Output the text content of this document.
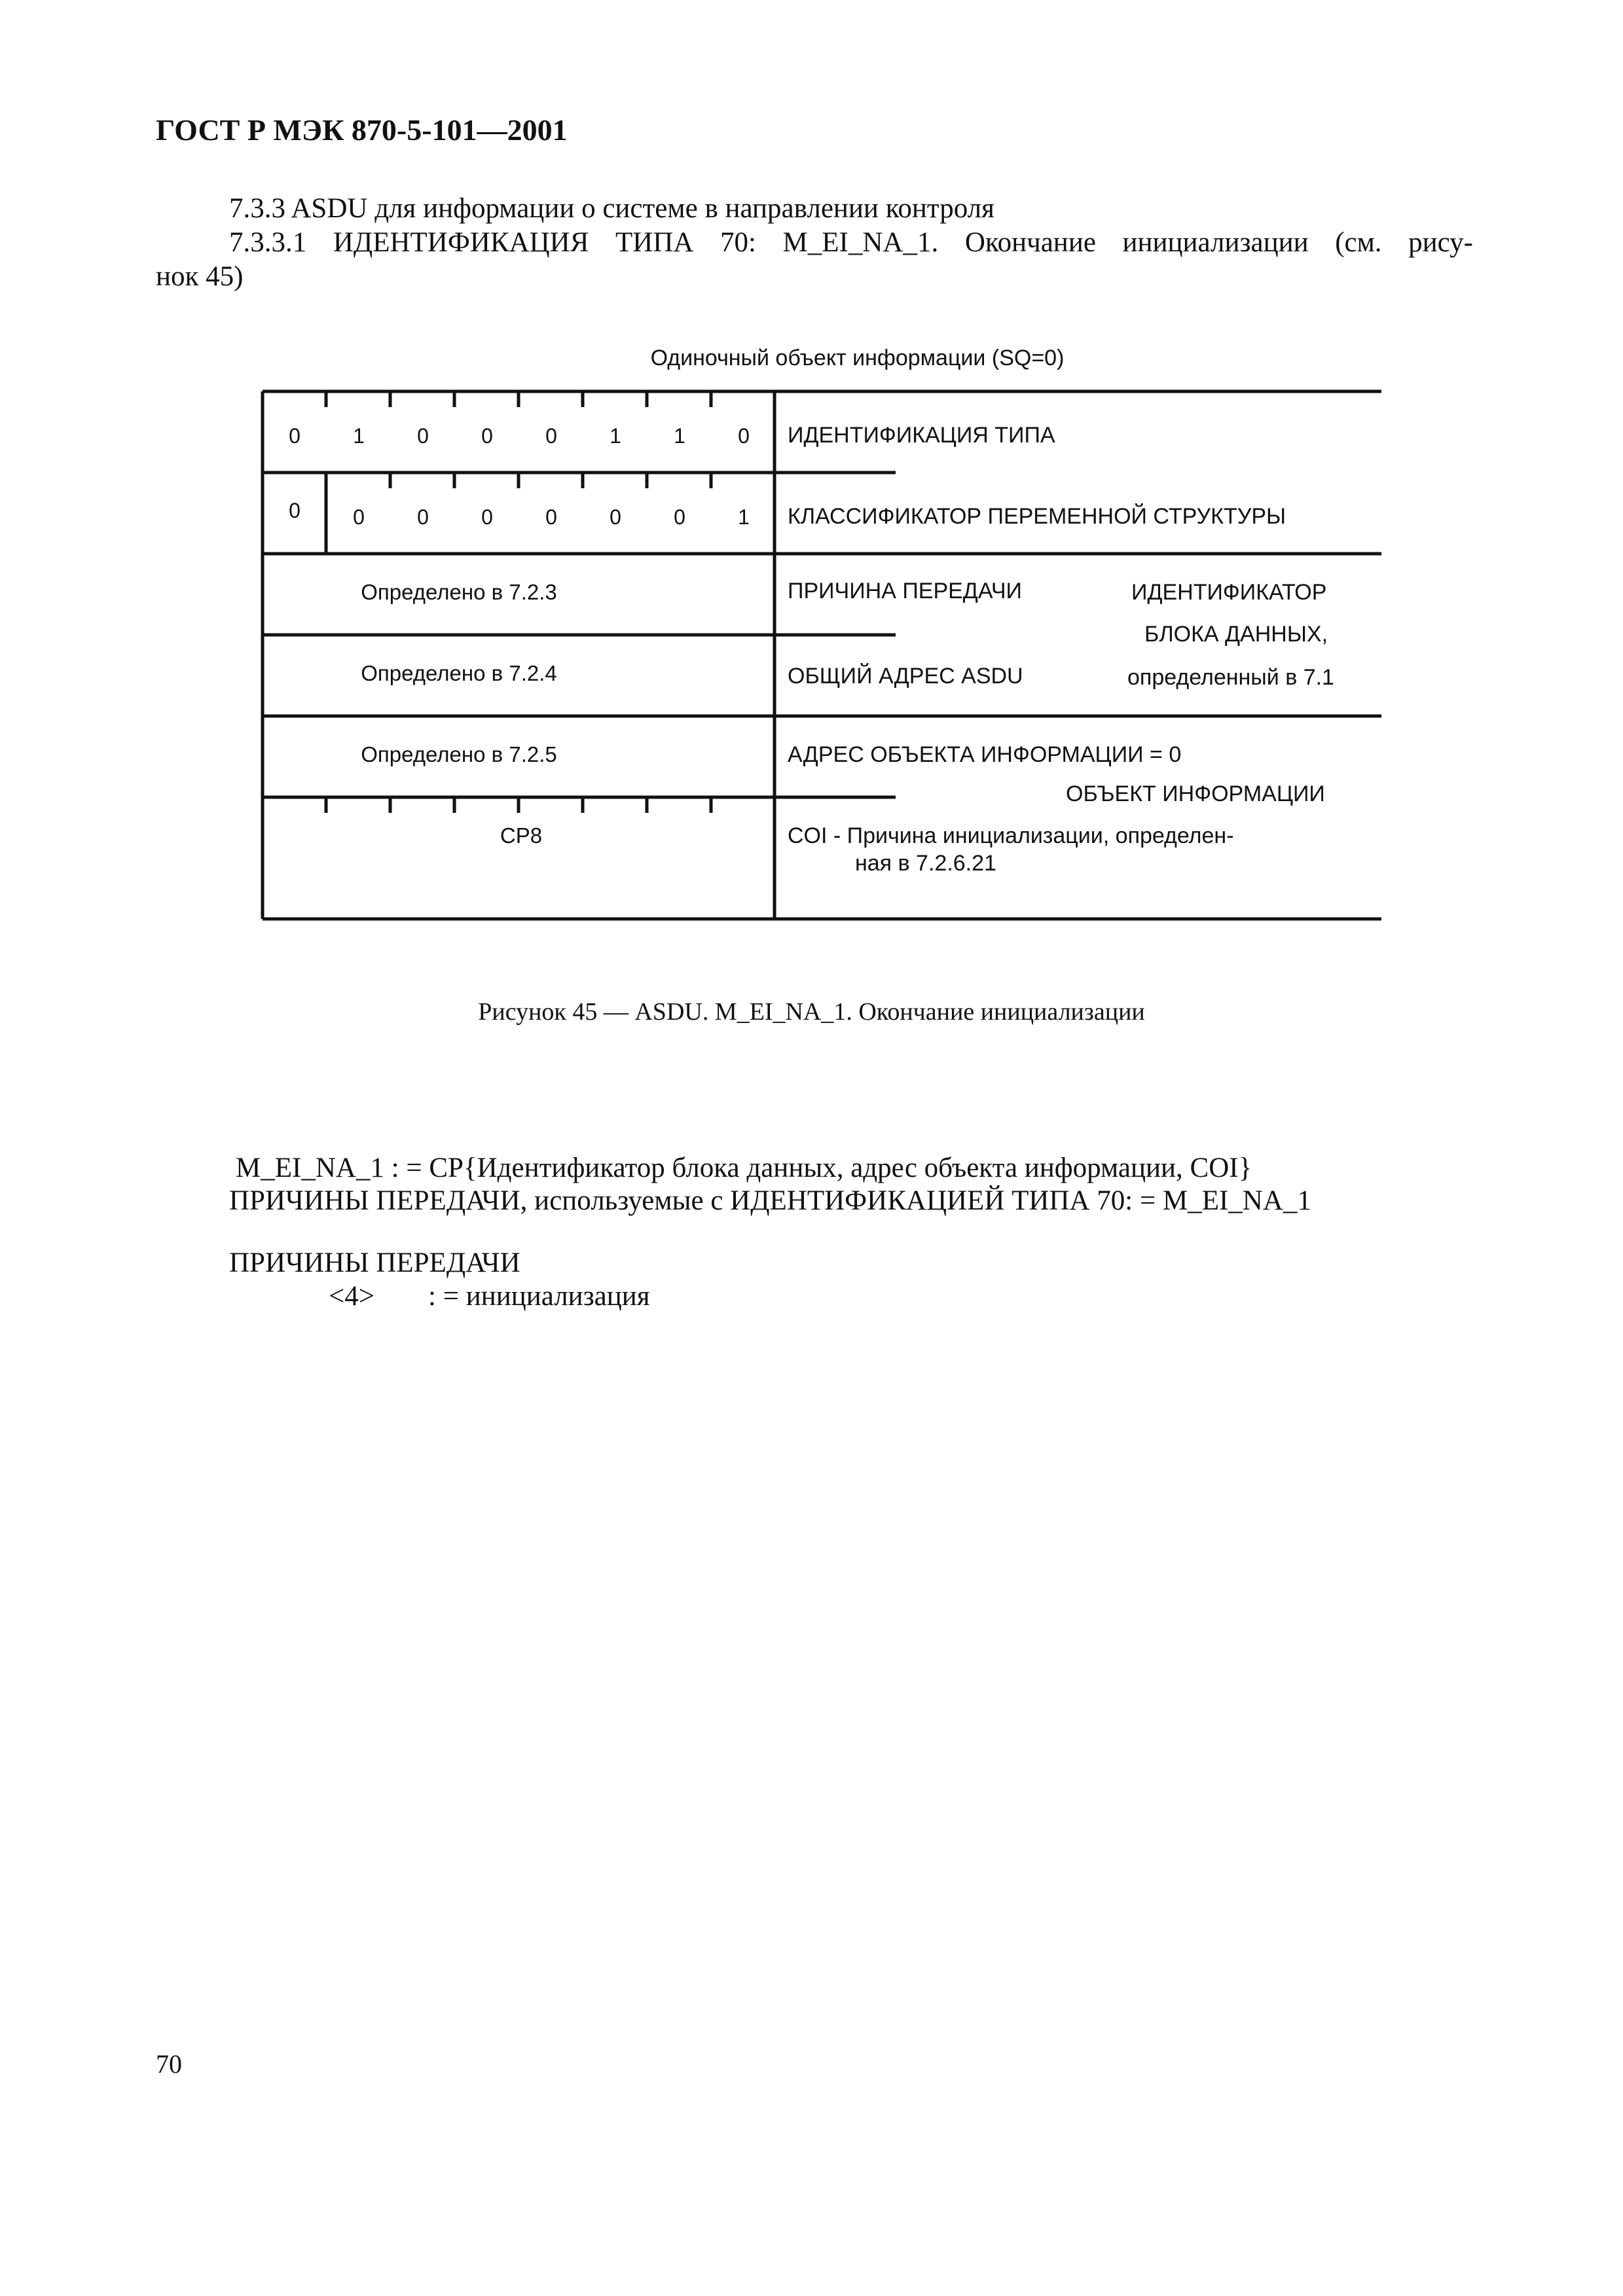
ГОСТ Р МЭК 870-5-101—2001
7.3.3 ASDU для информации о системе в направлении контроля
7.3.3.1 ИДЕНТИФИКАЦИЯ ТИПА 70: M_EI_NA_1. Окончание инициализации (см. рису-
нок 45)
Одиночный объект информации (SQ=0)
0	1	0	0	0	1	1	0	ИДЕНТИФИКАЦИЯ ТИПА
0	0	0	0	0	0	0	1	КЛАССИФИКАТОР ПЕРЕМЕННОЙ СТРУКТУРЫ
Определено в 7.2.3	ПРИЧИНА ПЕРЕДАЧИ
Определено в 7.2.4	ОБЩИЙ АДРЕС ASDU
ИДЕНТИФИКАТОР
БЛОКА ДАННЫХ,
определенный в 7.1
Определено в 7.2.5	АДРЕС ОБЪЕКТА ИНФОРМАЦИИ = 0
ОБЪЕКТ ИНФОРМАЦИИ
CP8	COI - Причина инициализации, определен-
ная в 7.2.6.21
Рисунок 45 — ASDU. M_EI_NA_1. Окончание инициализации
M_EI_NA_1 : = CP{Идентификатор блока данных, адрес объекта информации, COI}
ПРИЧИНЫ ПЕРЕДАЧИ, используемые с ИДЕНТИФИКАЦИЕЙ ТИПА 70: = M_EI_NA_1
ПРИЧИНЫ ПЕРЕДАЧИ
<4> : = инициализация
70
